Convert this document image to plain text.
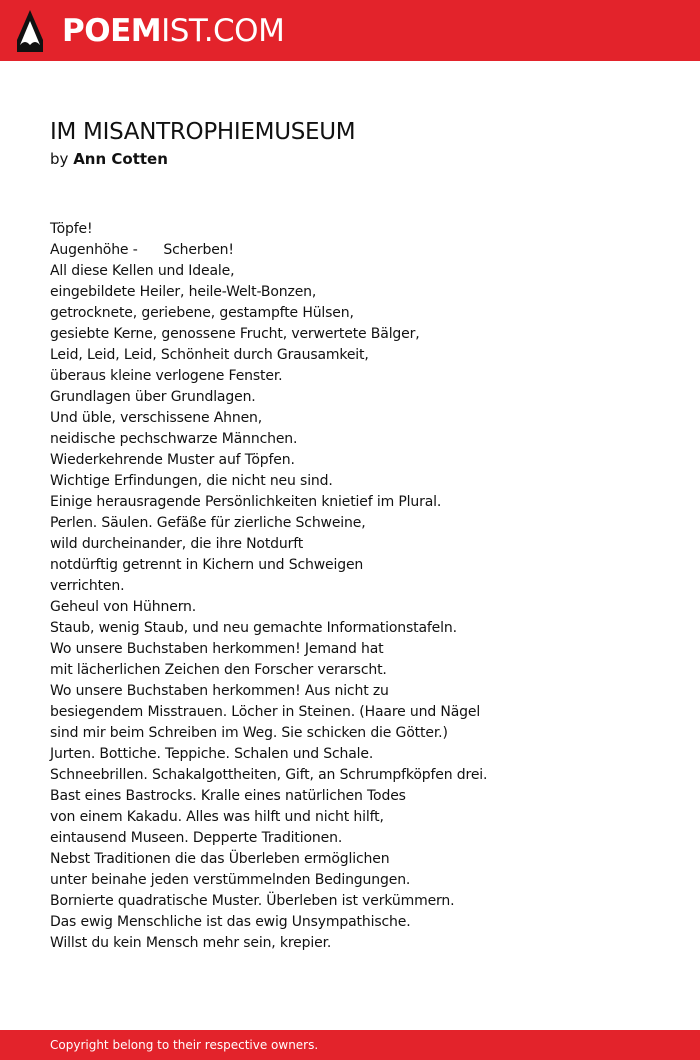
POEMIST.COM
IM MISANTROPHIEMUSEUM
by Ann Cotten
Töpfe!
Augenhöhe -      Scherben!
All diese Kellen und Ideale,
eingebildete Heiler, heile-Welt-Bonzen,
getrocknete, geriebene, gestampfte Hülsen,
gesiebte Kerne, genossene Frucht, verwertete Bälger,
Leid, Leid, Leid, Schönheit durch Grausamkeit,
überaus kleine verlogene Fenster.
Grundlagen über Grundlagen.
Und üble, verschissene Ahnen,
neidische pechschwarze Männchen.
Wiederkehrende Muster auf Töpfen.
Wichtige Erfindungen, die nicht neu sind.
Einige herausragende Persönlichkeiten knietief im Plural.
Perlen. Säulen. Gefäße für zierliche Schweine,
wild durcheinander, die ihre Notdurft
notdürftig getrennt in Kichern und Schweigen
verrichten.
Geheul von Hühnern.
Staub, wenig Staub, und neu gemachte Informationstafeln.
Wo unsere Buchstaben herkommen! Jemand hat
mit lächerlichen Zeichen den Forscher verarscht.
Wo unsere Buchstaben herkommen! Aus nicht zu
besiegendem Misstrauen. Löcher in Steinen. (Haare und Nägel
sind mir beim Schreiben im Weg. Sie schicken die Götter.)
Jurten. Bottiche. Teppiche. Schalen und Schale.
Schneebrillen. Schakalgottheiten, Gift, an Schrumpfköpfen drei.
Bast eines Bastrocks. Kralle eines natürlichen Todes
von einem Kakadu. Alles was hilft und nicht hilft,
eintausend Museen. Depperte Traditionen.
Nebst Traditionen die das Überleben ermöglichen
unter beinahe jeden verstümmelnden Bedingungen.
Bornierte quadratische Muster. Überleben ist verkümmern.
Das ewig Menschliche ist das ewig Unsympathische.
Willst du kein Mensch mehr sein, krepier.
Copyright belong to their respective owners.
